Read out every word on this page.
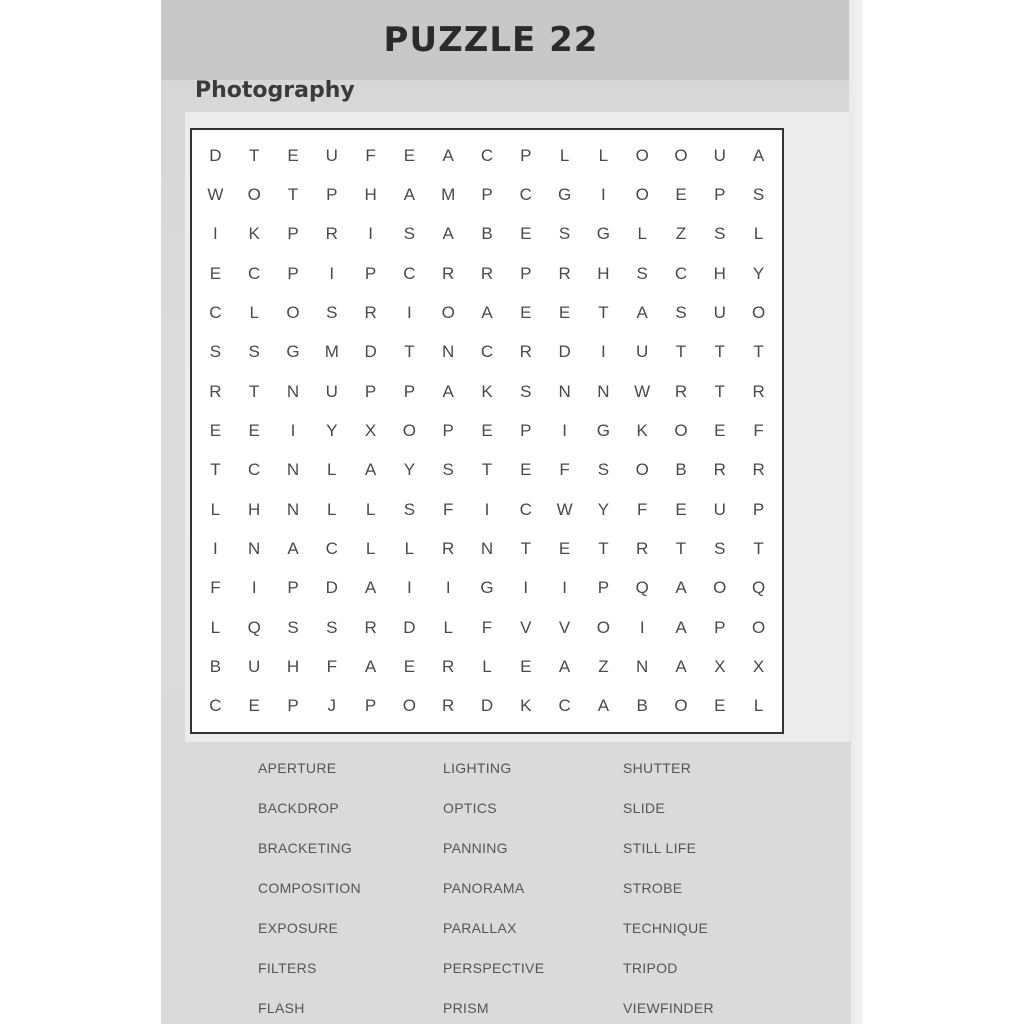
PUZZLE 22
Photography
D	T	E	U	F	E	A	C	P	L	L	O	O	U	A
W	O	T	P	H	A	M	P	C	G	I	O	E	P	S
I	K	P	R	I	S	A	B	E	S	G	L	Z	S	L
E	C	P	I	P	C	R	R	P	R	H	S	C	H	Y
C	L	O	S	R	I	O	A	E	E	T	A	S	U	O
S	S	G	M	D	T	N	C	R	D	I	U	T	T	T
R	T	N	U	P	P	A	K	S	N	N	W	R	T	R
E	E	I	Y	X	O	P	E	P	I	G	K	O	E	F
T	C	N	L	A	Y	S	T	E	F	S	O	B	R	R
L	H	N	L	L	S	F	I	C	W	Y	F	E	U	P
I	N	A	C	L	L	R	N	T	E	T	R	T	S	T
F	I	P	D	A	I	I	G	I	I	P	Q	A	O	Q
L	Q	S	S	R	D	L	F	V	V	O	I	A	P	O
B	U	H	F	A	E	R	L	E	A	Z	N	A	X	X
C	E	P	J	P	O	R	D	K	C	A	B	O	E	L
APERTURE	LIGHTING	SHUTTER
BACKDROP	OPTICS	SLIDE
BRACKETING	PANNING	STILL LIFE
COMPOSITION	PANORAMA	STROBE
EXPOSURE	PARALLAX	TECHNIQUE
FILTERS	PERSPECTIVE	TRIPOD
FLASH	PRISM	VIEWFINDER
